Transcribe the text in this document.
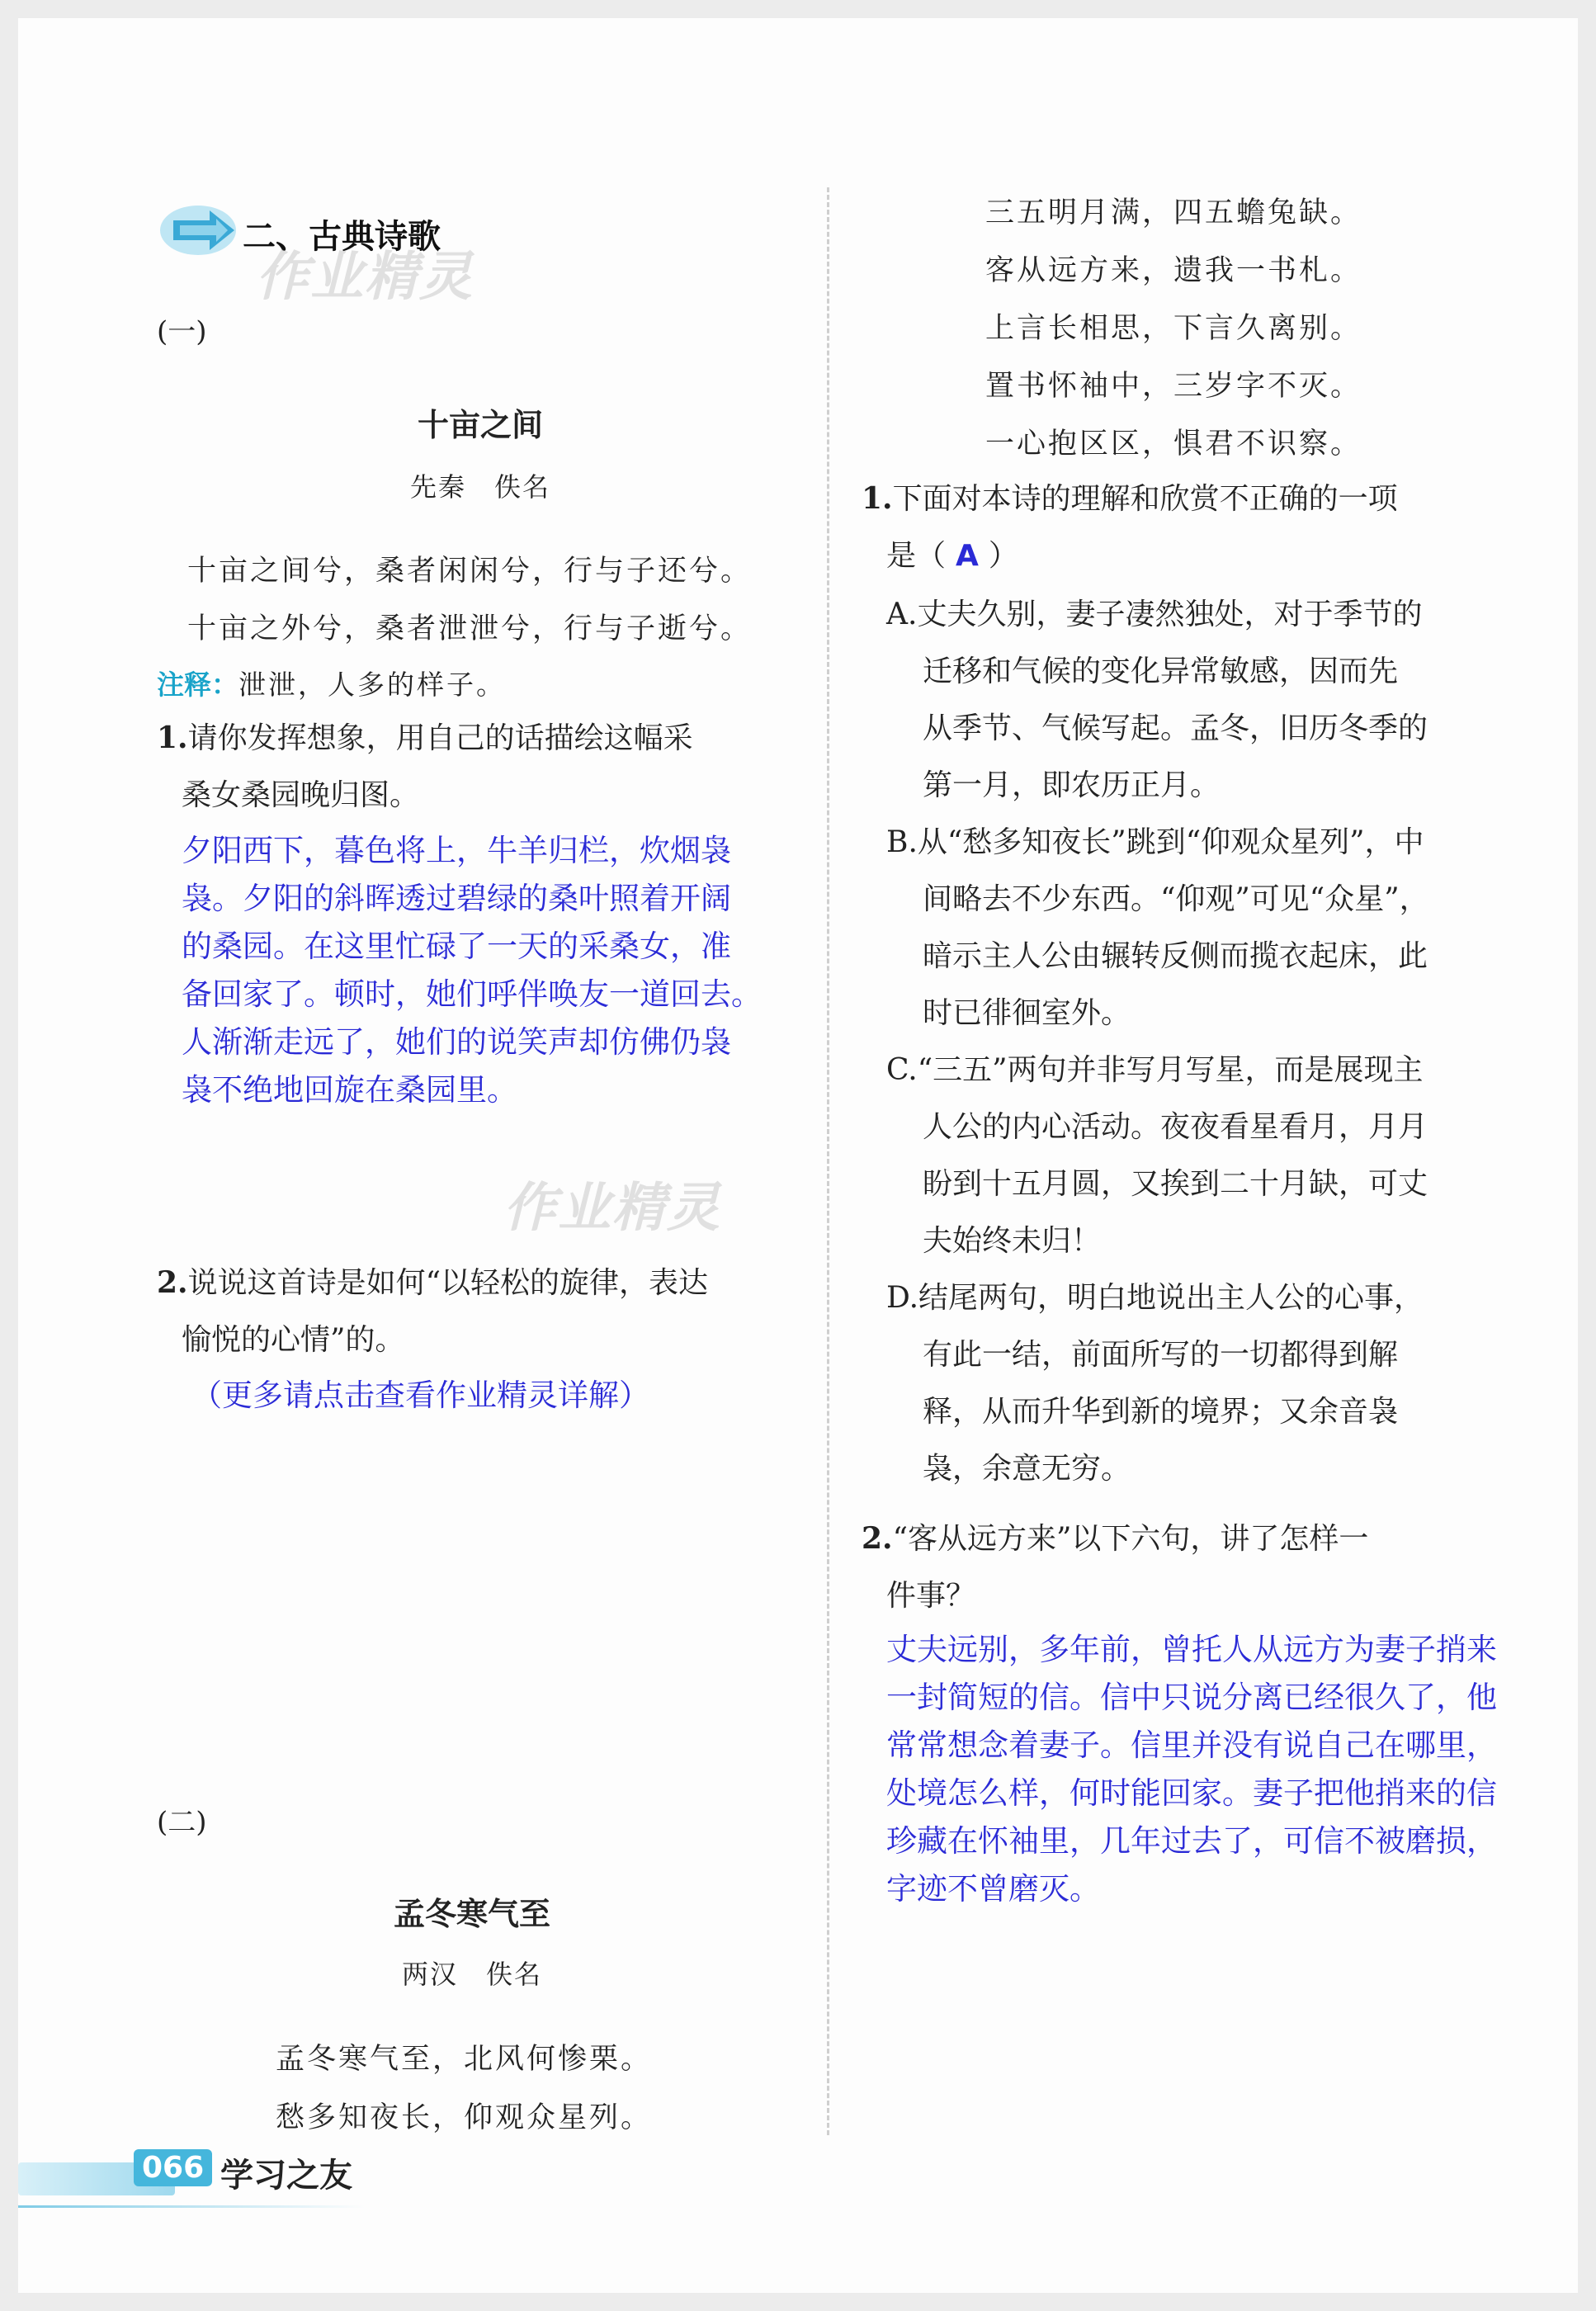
二、古典诗歌
作业精灵
(一)
十亩之间
先秦　佚名
十亩之间兮，桑者闲闲兮，行与子还兮。
十亩之外兮，桑者泄泄兮，行与子逝兮。
注释：泄泄，人多的样子。
1.请你发挥想象，用自己的话描绘这幅采
桑女桑园晚归图。
夕阳西下，暮色将上，牛羊归栏，炊烟袅
袅。夕阳的斜晖透过碧绿的桑叶照着开阔
的桑园。在这里忙碌了一天的采桑女，准
备回家了。顿时，她们呼伴唤友一道回去。
人渐渐走远了，她们的说笑声却仿佛仍袅
袅不绝地回旋在桑园里。
作业精灵
2.说说这首诗是如何“以轻松的旋律，表达
愉悦的心情”的。
（更多请点击查看作业精灵详解）
(二)
孟冬寒气至
两汉　佚名
孟冬寒气至，北风何惨栗。
愁多知夜长，仰观众星列。
三五明月满，四五蟾兔缺。
客从远方来，遗我一书札。
上言长相思，下言久离别。
置书怀袖中，三岁字不灭。
一心抱区区，惧君不识察。
1.下面对本诗的理解和欣赏不正确的一项
是（ A ）
A.丈夫久别，妻子凄然独处，对于季节的
迁移和气候的变化异常敏感，因而先
从季节、气候写起。孟冬，旧历冬季的
第一月，即农历正月。
B.从“愁多知夜长”跳到“仰观众星列”，中
间略去不少东西。“仰观”可见“众星”，
暗示主人公由辗转反侧而揽衣起床，此
时已徘徊室外。
C.“三五”两句并非写月写星，而是展现主
人公的内心活动。夜夜看星看月，月月
盼到十五月圆，又挨到二十月缺，可丈
夫始终未归！
D.结尾两句，明白地说出主人公的心事，
有此一结，前面所写的一切都得到解
释，从而升华到新的境界；又余音袅
袅，余意无穷。
2.“客从远方来”以下六句，讲了怎样一
件事？
丈夫远别，多年前，曾托人从远方为妻子捎来
一封简短的信。信中只说分离已经很久了，他
常常想念着妻子。信里并没有说自己在哪里，
处境怎么样，何时能回家。妻子把他捎来的信
珍藏在怀袖里，几年过去了，可信不被磨损，
字迹不曾磨灭。
066 学习之友
